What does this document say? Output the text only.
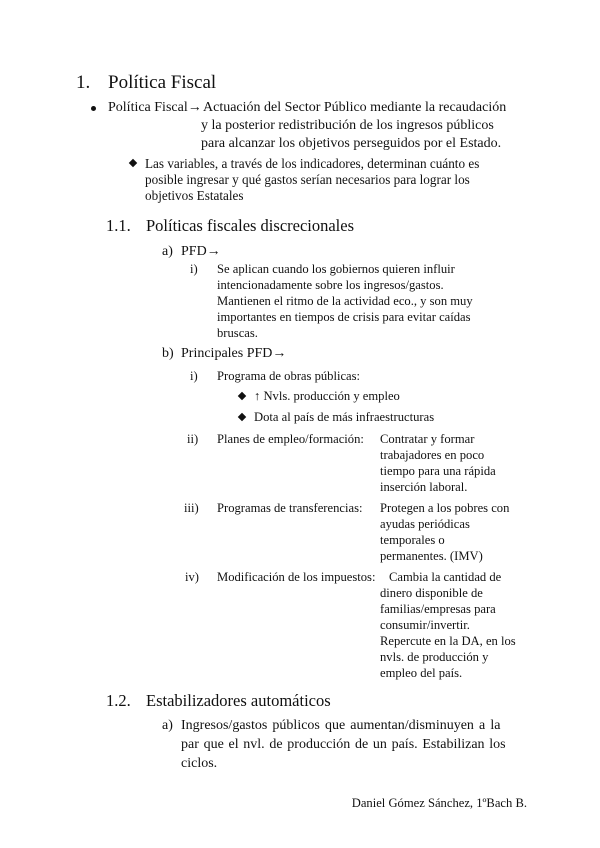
1. Política Fiscal
Política Fiscal→ Actuación del Sector Público mediante la recaudación
y la posterior redistribución de los ingresos públicos
para alcanzar los objetivos perseguidos por el Estado.
Las variables, a través de los indicadores, determinan cuánto es
posible ingresar y qué gastos serían necesarios para lograr los
objetivos Estatales
1.1. Políticas fiscales discrecionales
a) PFD→
i) Se aplican cuando los gobiernos quieren influir
intencionadamente sobre los ingresos/gastos.
Mantienen el ritmo de la actividad eco., y son muy
importantes en tiempos de crisis para evitar caídas
bruscas.
b) Principales PFD→
i) Programa de obras públicas:
↑ Nvls. producción y empleo
Dota al país de más infraestructuras
ii) Planes de empleo/formación: Contratar y formar
trabajadores en poco
tiempo para una rápida
inserción laboral.
iii) Programas de transferencias: Protegen a los pobres con
ayudas periódicas
temporales o
permanentes. (IMV)
iv) Modificación de los impuestos: Cambia la cantidad de
dinero disponible de
familias/empresas para
consumir/invertir.
Repercute en la DA, en los
nvls. de producción y
empleo del país.
1.2. Estabilizadores automáticos
a) Ingresos/gastos públicos que aumentan/disminuyen a la
par que el nvl. de producción de un país. Estabilizan los
ciclos.
Daniel Gómez Sánchez, 1ºBach B.
